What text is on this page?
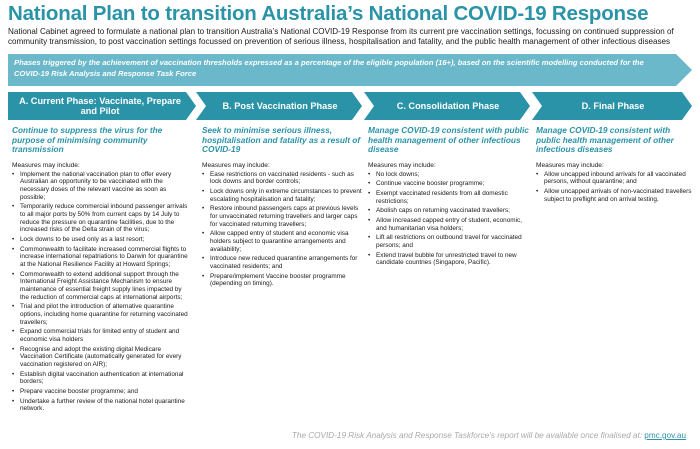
National Plan to transition Australia’s National COVID-19 Response
National Cabinet agreed to formulate a national plan to transition Australia’s National COVID-19 Response from its current pre vaccination settings, focussing on continued suppression of community transmission, to post vaccination settings focussed on prevention of serious illness, hospitalisation and fatality, and the public health management of other infectious diseases
Phases triggered by the achievement of vaccination thresholds expressed as a percentage of the eligible population (16+), based on the scientific modelling conducted for the COVID-19 Risk Analysis and Response Task Force
A. Current Phase: Vaccinate, Prepare and Pilot
B. Post Vaccination Phase	C. Consolidation Phase	D. Final Phase
Continue to suppress the virus for the purpose of minimising community transmission
Measures may include:
• Implement the national vaccination plan to offer every Australian an opportunity to be vaccinated with the necessary doses of the relevant vaccine as soon as possible;
• Temporarily reduce commercial inbound passenger arrivals to all major ports by 50% from current caps by 14 July to reduce the pressure on quarantine facilities, due to the increased risks of the Delta strain of the virus;
• Lock downs to be used only as a last resort;
• Commonwealth to facilitate increased commercial flights to increase international repatriations to Darwin for quarantine at the National Resilience Facility at Howard Springs;
• Commonwealth to extend additional support through the International Freight Assistance Mechanism to ensure maintenance of essential freight supply lines impacted by the reduction of commercial caps at international airports;
• Trial and pilot the introduction of alternative quarantine options, including home quarantine for returning vaccinated travellers;
• Expand commercial trials for limited entry of student and economic visa holders
• Recognise and adopt the existing digital Medicare Vaccination Certificate (automatically generated for every vaccination registered on AIR);
• Establish digital vaccination authentication at international borders;
• Prepare vaccine booster programme; and
• Undertake a further review of the national hotel quarantine network.
Seek to minimise serious illness, hospitalisation and fatality as a result of COVID-19
Measures may include:
• Ease restrictions on vaccinated residents - such as lock downs and border controls;
• Lock downs only in extreme circumstances to prevent escalating hospitalisation and fatality;
• Restore inbound passengers caps at previous levels for unvaccinated returning travellers and larger caps for vaccinated returning travellers;
• Allow capped entry of student and economic visa holders subject to quarantine arrangements and availability;
• Introduce new reduced quarantine arrangements for vaccinated residents; and
• Prepare/implement Vaccine booster programme (depending on timing).
Manage COVID-19 consistent with public health management of other infectious disease
Measures may include:
• No lock downs;
• Continue vaccine booster programme;
• Exempt vaccinated residents from all domestic restrictions;
• Abolish caps on returning vaccinated travellers;
• Allow increased capped entry of student, economic, and humanitarian visa holders;
• Lift all restrictions on outbound travel for vaccinated persons; and
• Extend travel bubble for unrestricted travel to new candidate countries (Singapore, Pacific).
Manage COVID-19 consistent with public health management of other infectious diseases
Measures may include:
• Allow uncapped inbound arrivals for all vaccinated persons, without quarantine; and
• Allow uncapped arrivals of non-vaccinated travellers subject to preflight and on arrival testing.
The COVID-19 Risk Analysis and Response Taskforce’s report will be available once finalised at: pmc.gov.au
